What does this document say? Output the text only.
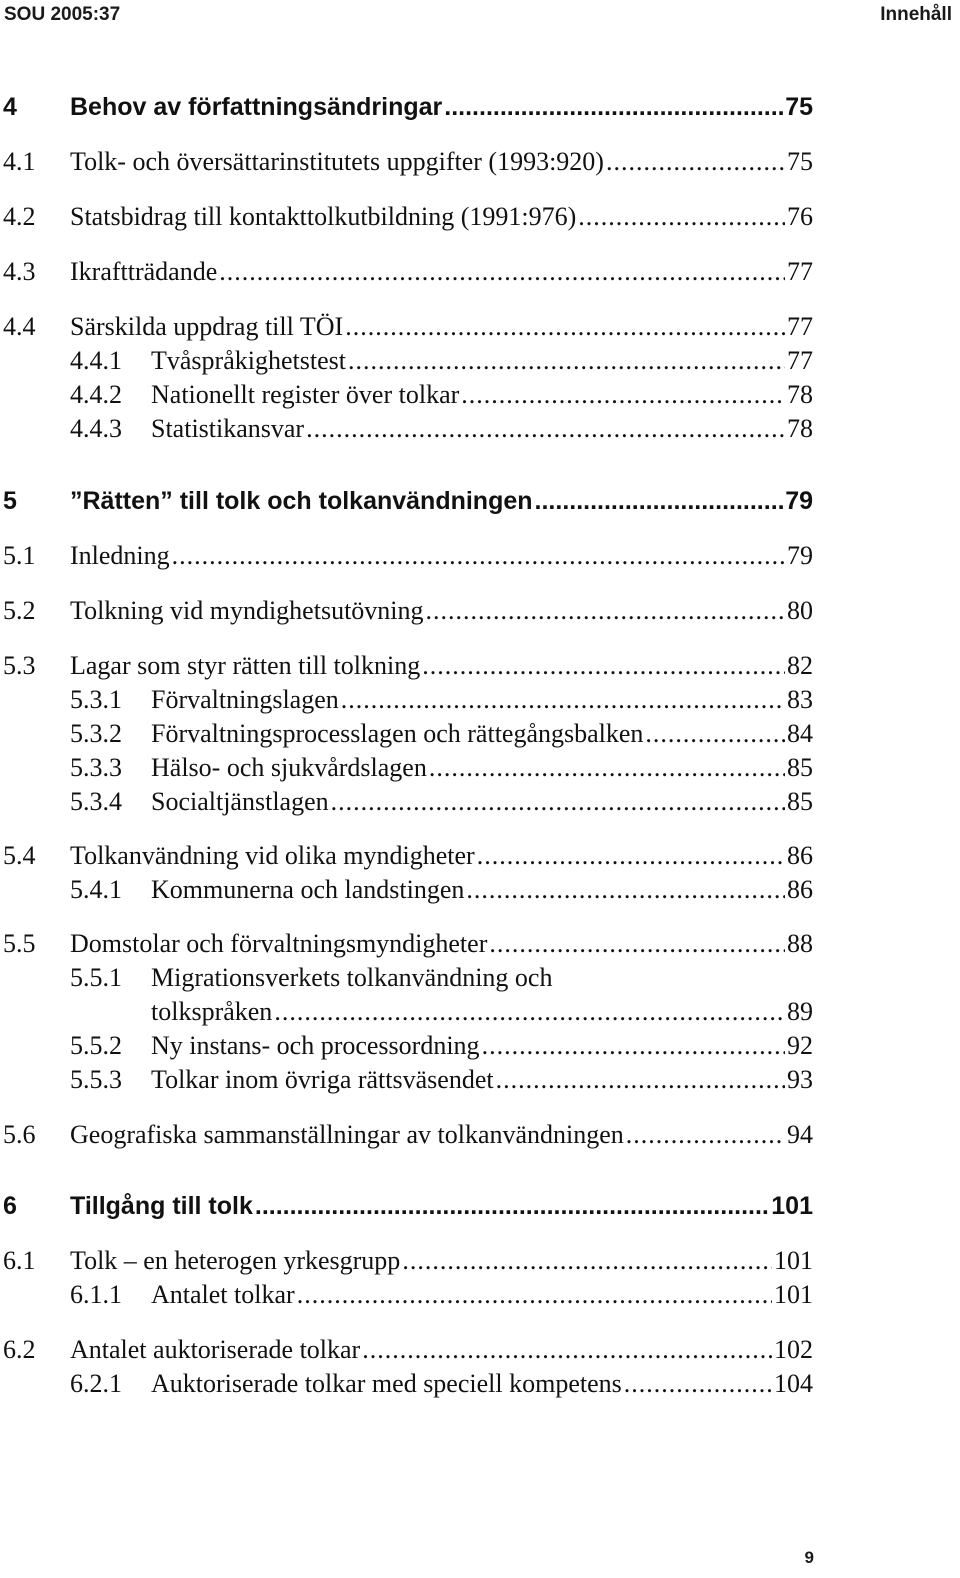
SOU 2005:37	Innehåll
4 Behov av författningsändringar .....	75
4.1 Tolk- och översättarinstitutets uppgifter (1993:920) .....	75
4.2 Statsbidrag till kontakttolkutbildning (1991:976) .....	76
4.3 Ikraftträdande .....	77
4.4 Särskilda uppdrag till TÖI .....	77
4.4.1 Tvåspråkighetstest .....	77
4.4.2 Nationellt register över tolkar .....	78
4.4.3 Statistikansvar .....	78
5 ”Rätten” till tolk och tolkanvändningen .....	79
5.1 Inledning .....	79
5.2 Tolkning vid myndighetsutövning .....	80
5.3 Lagar som styr rätten till tolkning .....	82
5.3.1 Förvaltningslagen .....	83
5.3.2 Förvaltningsprocesslagen och rättegångsbalken .....	84
5.3.3 Hälso- och sjukvårdslagen .....	85
5.3.4 Socialtjänstlagen .....	85
5.4 Tolkanvändning vid olika myndigheter .....	86
5.4.1 Kommunerna och landstingen .....	86
5.5 Domstolar och förvaltningsmyndigheter .....	88
5.5.1 Migrationsverkets tolkanvändning och
tolkspråken .....	89
5.5.2 Ny instans- och processordning .....	92
5.5.3 Tolkar inom övriga rättsväsendet .....	93
5.6 Geografiska sammanställningar av tolkanvändningen .....	94
6 Tillgång till tolk .....	101
6.1 Tolk – en heterogen yrkesgrupp .....	101
6.1.1 Antalet tolkar .....	101
6.2 Antalet auktoriserade tolkar .....	102
6.2.1 Auktoriserade tolkar med speciell kompetens .....	104
9
